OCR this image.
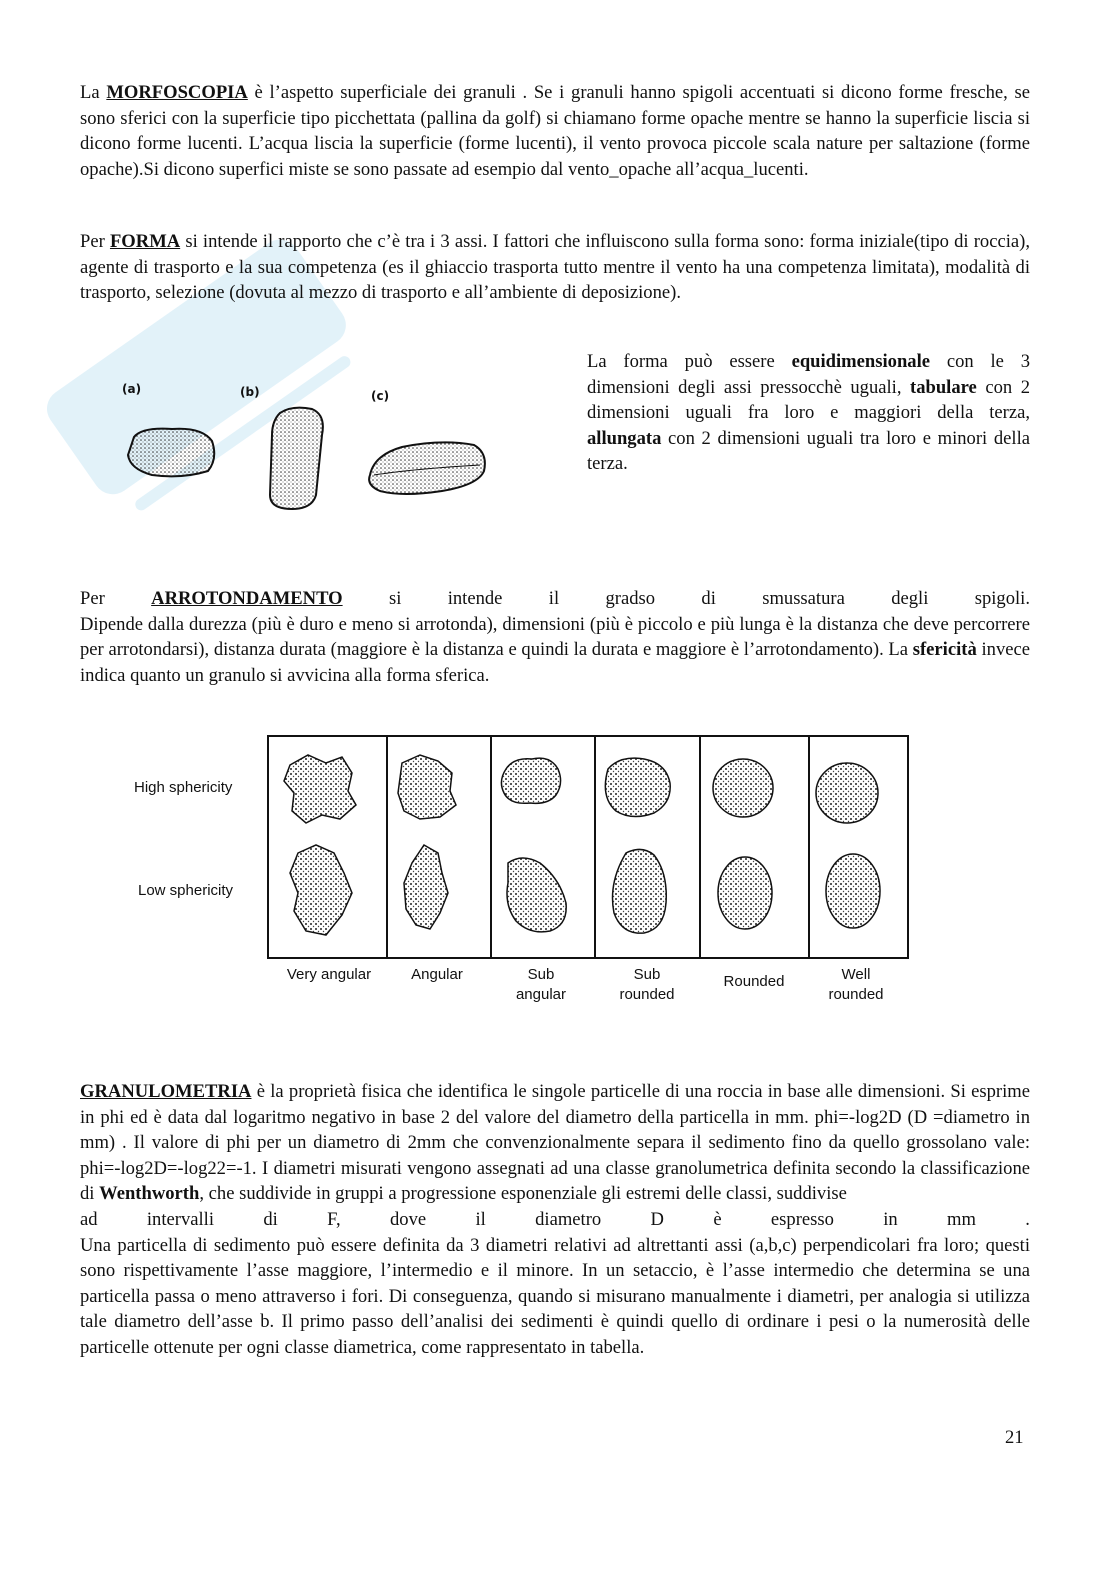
La MORFOSCOPIA è l’aspetto superficiale dei granuli . Se i granuli hanno spigoli accentuati si dicono forme fresche, se sono sferici con la superficie tipo picchettata (pallina da golf) si chiamano forme opache mentre se hanno la superficie liscia si dicono forme lucenti. L’acqua liscia la superficie (forme lucenti), il vento provoca piccole scala nature per saltazione (forme opache).Si dicono superfici miste se sono passate ad esempio dal vento_opache all’acqua_lucenti.

Per FORMA si intende il rapporto che c’è tra i 3 assi. I fattori che influiscono sulla forma sono: forma iniziale(tipo di roccia), agente di trasporto e la sua competenza (es il ghiaccio trasporta tutto mentre il vento ha una competenza limitata), modalità di trasporto, selezione (dovuta al mezzo di trasporto e all’ambiente di deposizione).

(a)	(b)	(c)

La forma può essere equidimensionale con le 3 dimensioni degli assi pressocchè uguali, tabulare con 2 dimensioni uguali fra loro e maggiori della terza, allungata con 2 dimensioni uguali tra loro e minori della terza.

Per ARROTONDAMENTO si intende il gradso di smussatura degli spigoli.
Dipende dalla durezza (più è duro e meno si arrotonda), dimensioni (più è piccolo e più lunga è la distanza che deve percorrere per arrotondarsi), distanza durata (maggiore è la distanza e quindi la durata e maggiore è l’arrotondamento). La sfericità invece indica quanto un granulo si avvicina alla forma sferica.
High sphericity
Low sphericity
Very angular	Angular	Sub
angular
Sub
rounded
Rounded	Well
rounded
GRANULOMETRIA è la proprietà fisica che identifica le singole particelle di una roccia in base alle dimensioni. Si esprime in phi ed è data dal logaritmo negativo in base 2 del valore del diametro della particella in mm. phi=-log2D (D =diametro in mm) . Il valore di phi per un diametro di 2mm che convenzionalmente separa il sedimento fino da quello grossolano vale: phi=-log2D=-log22=-1. I diametri misurati vengono assegnati ad una classe granolumetrica definita secondo la classificazione di Wenthworth, che suddivide in gruppi a progressione esponenziale gli estremi delle classi, suddivise
ad	intervalli	di	F,	dove	il	diametro	D	è	espresso	in	mm	.
Una particella di sedimento può essere definita da 3 diametri relativi ad altrettanti assi (a,b,c) perpendicolari fra loro; questi sono rispettivamente l’asse maggiore, l’intermedio e il minore. In un setaccio, è l’asse intermedio che determina se una particella passa o meno attraverso i fori. Di conseguenza, quando si misurano manualmente i diametri, per analogia si utilizza tale diametro dell’asse b. Il primo passo dell’analisi dei sedimenti è quindi quello di ordinare i pesi o la numerosità delle particelle ottenute per ogni classe diametrica, come rappresentato in tabella.
21
